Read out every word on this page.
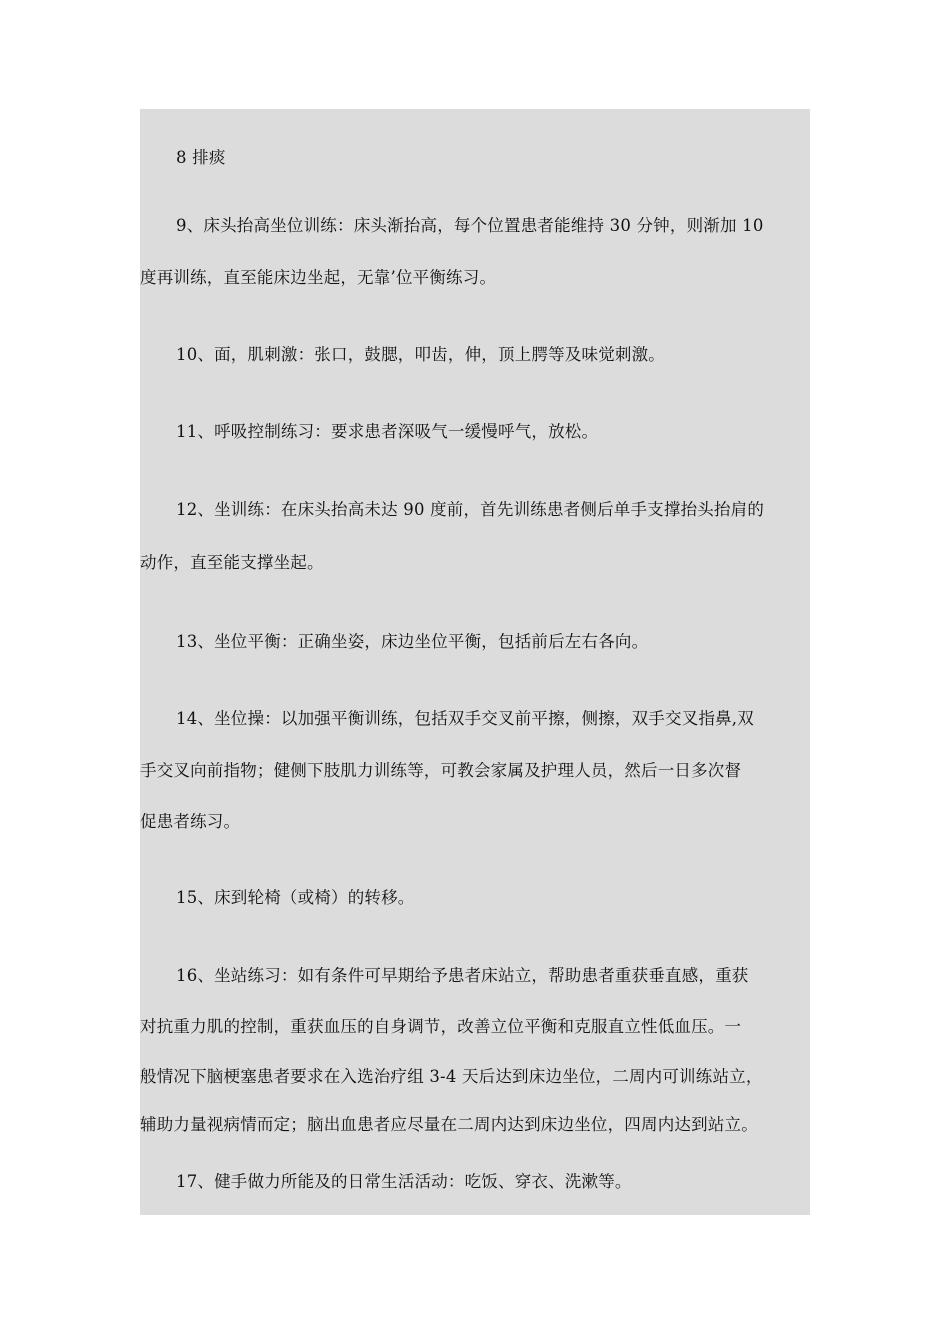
8 排痰
9、床头抬高坐位训练：床头渐抬高，每个位置患者能维持 30 分钟，则渐加 10
度再训练，直至能床边坐起，无靠’位平衡练习。
10、面，肌刺激：张口，鼓腮，叩齿，伸，顶上腭等及味觉刺激。
11、呼吸控制练习：要求患者深吸气一缓慢呼气，放松。
12、坐训练：在床头抬高未达 90 度前，首先训练患者侧后单手支撑抬头抬肩的
动作，直至能支撑坐起。
13、坐位平衡：正确坐姿，床边坐位平衡，包括前后左右各向。
14、坐位操：以加强平衡训练，包括双手交叉前平擦，侧擦，双手交叉指鼻,双
手交叉向前指物；健侧下肢肌力训练等，可教会家属及护理人员，然后一日多次督
促患者练习。
15、床到轮椅（或椅）的转移。
16、坐站练习：如有条件可早期给予患者床站立，帮助患者重获垂直感，重获
对抗重力肌的控制，重获血压的自身调节，改善立位平衡和克服直立性低血压。一
般情况下脑梗塞患者要求在入选治疗组 3-4 天后达到床边坐位，二周内可训练站立，
辅助力量视病情而定；脑出血患者应尽量在二周内达到床边坐位，四周内达到站立。
17、健手做力所能及的日常生活活动：吃饭、穿衣、洗漱等。
